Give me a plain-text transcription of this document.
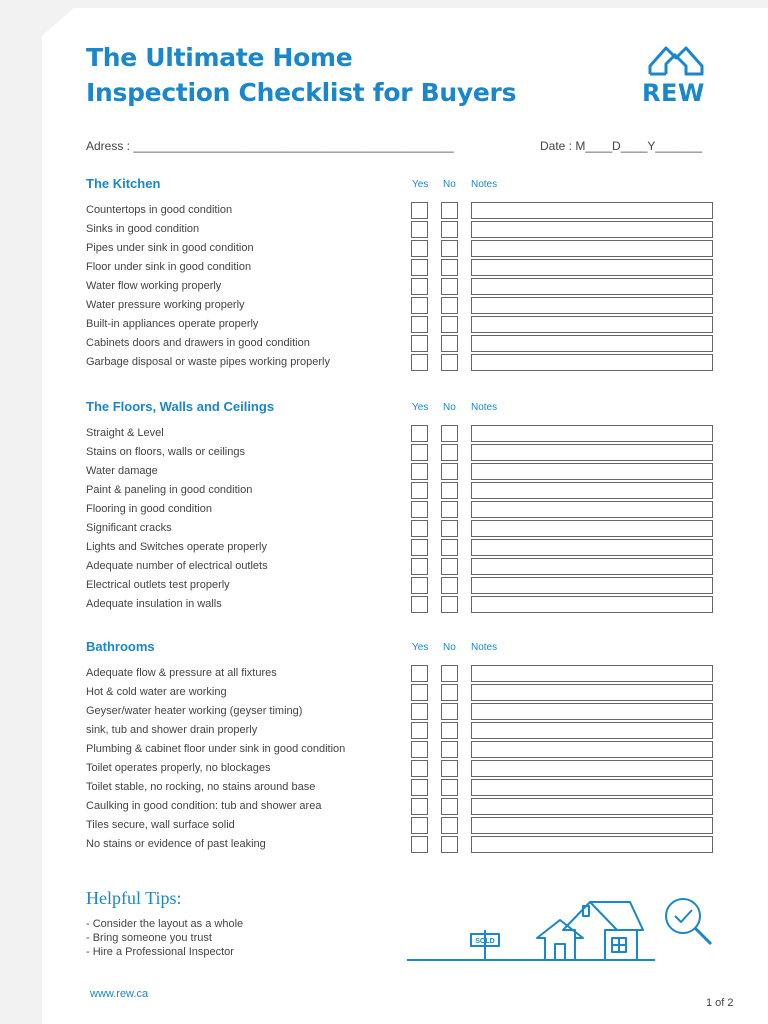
The Ultimate Home
Inspection Checklist for Buyers	REW
Adress : ________________________________________________	Date : M____D____Y_______
The Kitchen	Yes No Notes
Countertops in good condition
Sinks in good condition
Pipes under sink in good condition
Floor under sink in good condition
Water flow working properly
Water pressure working properly
Built-in appliances operate properly
Cabinets doors and drawers in good condition
Garbage disposal or waste pipes working properly
The Floors, Walls and Ceilings	Yes No Notes
Straight & Level
Stains on floors, walls or ceilings
Water damage
Paint & paneling in good condition
Flooring in good condition
Significant cracks
Lights and Switches operate properly
Adequate number of electrical outlets
Electrical outlets test properly
Adequate insulation in walls
Bathrooms	Yes No Notes
Adequate flow & pressure at all fixtures
Hot & cold water are working
Geyser/water heater working (geyser timing)
sink, tub and shower drain properly
Plumbing & cabinet floor under sink in good condition
Toilet operates properly, no blockages
Toilet stable, no rocking, no stains around base
Caulking in good condition: tub and shower area
Tiles secure, wall surface solid
No stains or evidence of past leaking
Helpful Tips:
- Consider the layout as a whole
- Bring someone you trust
- Hire a Professional Inspector
SOLD
www.rew.ca
1 of 2
